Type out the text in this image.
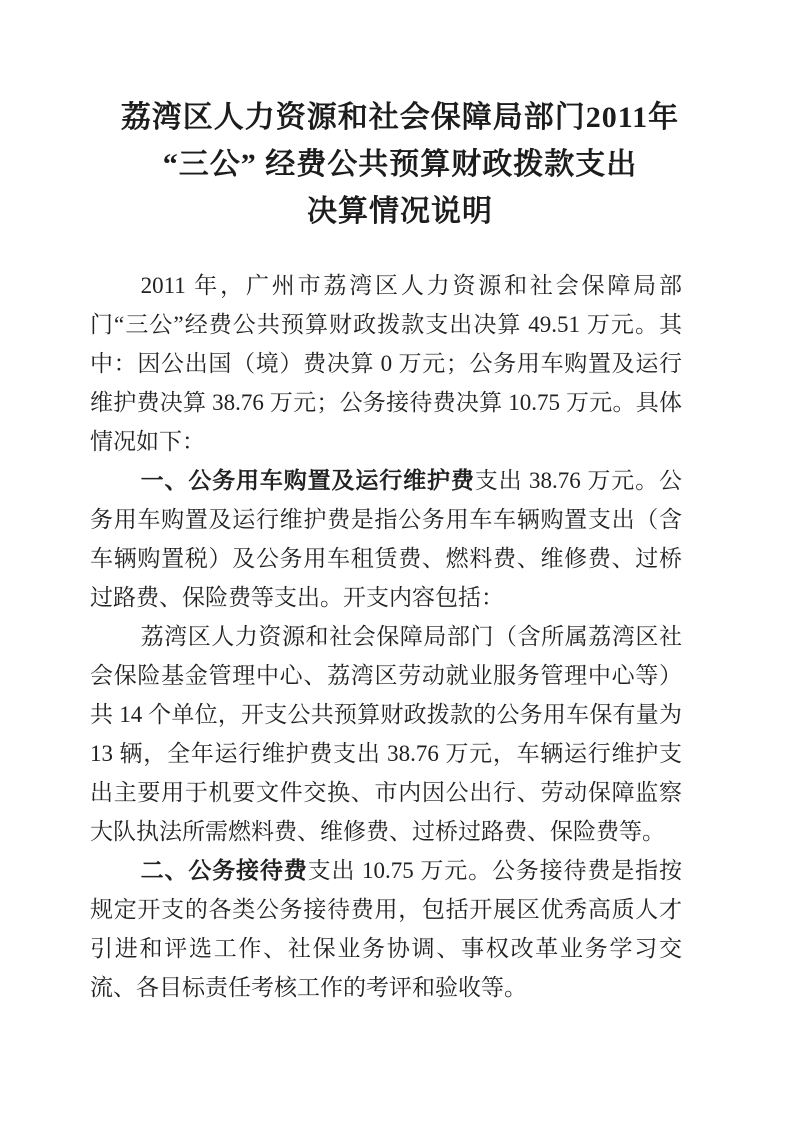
荔湾区人力资源和社会保障局部门2011年
“三公” 经费公共预算财政拨款支出
决算情况说明

2011 年，广州市荔湾区人力资源和社会保障局部门“三公”经费公共预算财政拨款支出决算 49.51 万元。其中：因公出国（境）费决算 0 万元；公务用车购置及运行维护费决算 38.76 万元；公务接待费决算 10.75 万元。具体情况如下：

一、公务用车购置及运行维护费支出 38.76 万元。公务用车购置及运行维护费是指公务用车车辆购置支出（含车辆购置税）及公务用车租赁费、燃料费、维修费、过桥过路费、保险费等支出。开支内容包括：

荔湾区人力资源和社会保障局部门（含所属荔湾区社会保险基金管理中心、荔湾区劳动就业服务管理中心等）共 14 个单位，开支公共预算财政拨款的公务用车保有量为 13 辆，全年运行维护费支出 38.76 万元，车辆运行维护支出主要用于机要文件交换、市内因公出行、劳动保障监察大队执法所需燃料费、维修费、过桥过路费、保险费等。

二、公务接待费支出 10.75 万元。公务接待费是指按规定开支的各类公务接待费用，包括开展区优秀高质人才引进和评选工作、社保业务协调、事权改革业务学习交流、各目标责任考核工作的考评和验收等。
